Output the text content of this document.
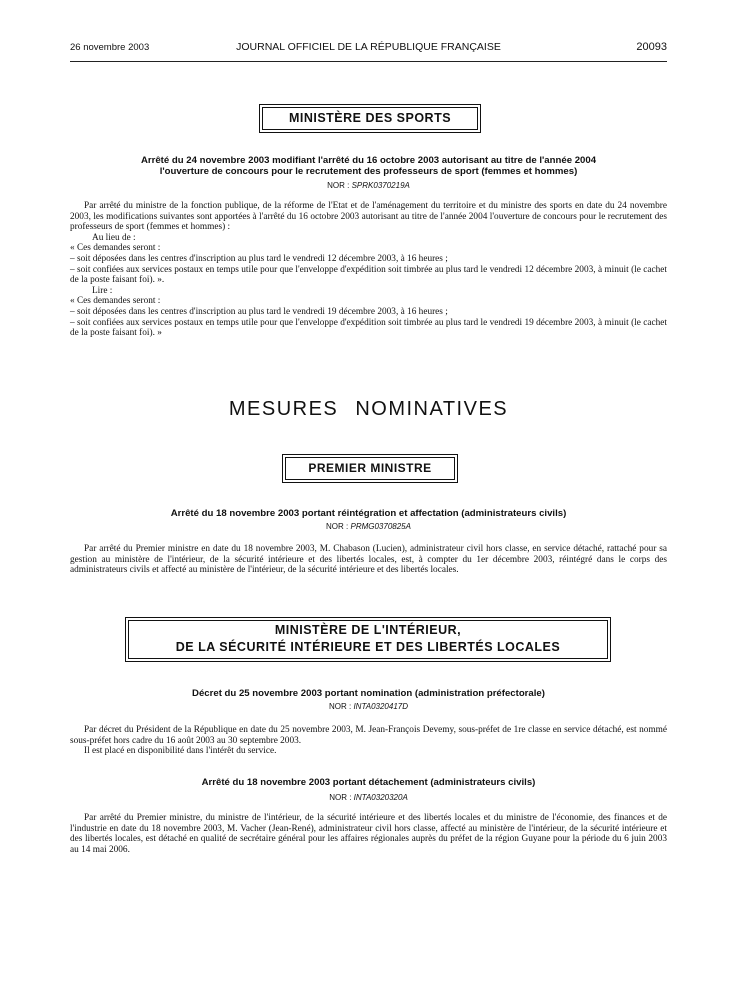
26 novembre 2003	JOURNAL OFFICIEL DE LA RÉPUBLIQUE FRANÇAISE	20093
MINISTÈRE DES SPORTS
Arrêté du 24 novembre 2003 modifiant l'arrêté du 16 octobre 2003 autorisant au titre de l'année 2004
l'ouverture de concours pour le recrutement des professeurs de sport (femmes et hommes)
NOR : SPRK0370219A

Par arrêté du ministre de la fonction publique, de la réforme de l'Etat et de l'aménagement du territoire et du ministre des sports en date du 24 novembre 2003, les modifications suivantes sont apportées à l'arrêté du 16 octobre 2003 autorisant au titre de l'année 2004 l'ouverture de concours pour le recrutement des professeurs de sport (femmes et hommes) :

Au lieu de :

« Ces demandes seront :

– soit déposées dans les centres d'inscription au plus tard le vendredi 12 décembre 2003, à 16 heures ;

– soit confiées aux services postaux en temps utile pour que l'enveloppe d'expédition soit timbrée au plus tard le vendredi 12 décembre 2003, à minuit (le cachet de la poste faisant foi). ».

Lire :

« Ces demandes seront :

– soit déposées dans les centres d'inscription au plus tard le vendredi 19 décembre 2003, à 16 heures ;

– soit confiées aux services postaux en temps utile pour que l'enveloppe d'expédition soit timbrée au plus tard le vendredi 19 décembre 2003, à minuit (le cachet de la poste faisant foi). »

MESURES NOMINATIVES
PREMIER MINISTRE
Arrêté du 18 novembre 2003 portant réintégration et affectation (administrateurs civils)
NOR : PRMG0370825A

Par arrêté du Premier ministre en date du 18 novembre 2003, M. Chabason (Lucien), administrateur civil hors classe, en service détaché, rattaché pour sa gestion au ministère de l'intérieur, de la sécurité intérieure et des libertés locales, est, à compter du 1er décembre 2003, réintégré dans le corps des administrateurs civils et affecté au ministère de l'intérieur, de la sécurité intérieure et des libertés locales.

MINISTÈRE DE L'INTÉRIEUR,
DE LA SÉCURITÉ INTÉRIEURE ET DES LIBERTÉS LOCALES
Décret du 25 novembre 2003 portant nomination (administration préfectorale)
NOR : INTA0320417D

Par décret du Président de la République en date du 25 novembre 2003, M. Jean-François Devemy, sous-préfet de 1re classe en service détaché, est nommé sous-préfet hors cadre du 16 août 2003 au 30 septembre 2003.

Il est placé en disponibilité dans l'intérêt du service.

Arrêté du 18 novembre 2003 portant détachement (administrateurs civils)
NOR : INTA0320320A

Par arrêté du Premier ministre, du ministre de l'intérieur, de la sécurité intérieure et des libertés locales et du ministre de l'économie, des finances et de l'industrie en date du 18 novembre 2003, M. Vacher (Jean-René), administrateur civil hors classe, affecté au ministère de l'intérieur, de la sécurité intérieure et des libertés locales, est détaché en qualité de secrétaire général pour les affaires régionales auprès du préfet de la région Guyane pour la période du 6 juin 2003 au 14 mai 2006.
